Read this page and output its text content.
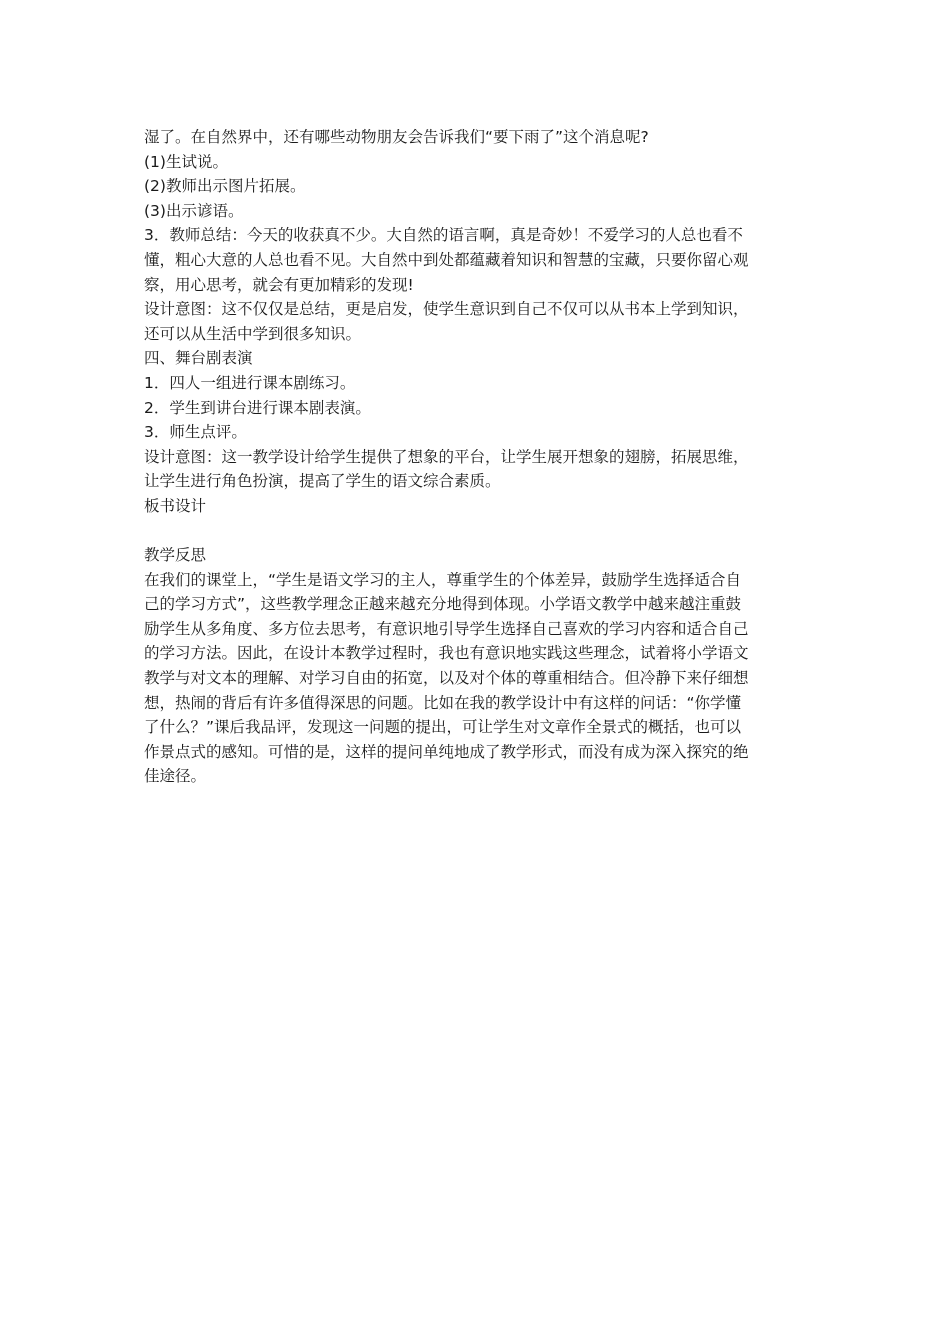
湿了。在自然界中，还有哪些动物朋友会告诉我们“要下雨了”这个消息呢?
(1)生试说。
(2)教师出示图片拓展。
(3)出示谚语。
3．教师总结：今天的收获真不少。大自然的语言啊，真是奇妙！不爱学习的人总也看不
懂，粗心大意的人总也看不见。大自然中到处都蕴藏着知识和智慧的宝藏，只要你留心观
察，用心思考，就会有更加精彩的发现!
设计意图：这不仅仅是总结，更是启发，使学生意识到自己不仅可以从书本上学到知识，
还可以从生活中学到很多知识。
四、舞台剧表演
1．四人一组进行课本剧练习。
2．学生到讲台进行课本剧表演。
3．师生点评。
设计意图：这一教学设计给学生提供了想象的平台，让学生展开想象的翅膀，拓展思维，
让学生进行角色扮演，提高了学生的语文综合素质。
板书设计
教学反思
在我们的课堂上，“学生是语文学习的主人，尊重学生的个体差异，鼓励学生选择适合自
己的学习方式”，这些教学理念正越来越充分地得到体现。小学语文教学中越来越注重鼓
励学生从多角度、多方位去思考，有意识地引导学生选择自己喜欢的学习内容和适合自己
的学习方法。因此，在设计本教学过程时，我也有意识地实践这些理念，试着将小学语文
教学与对文本的理解、对学习自由的拓宽，以及对个体的尊重相结合。但冷静下来仔细想
想，热闹的背后有许多值得深思的问题。比如在我的教学设计中有这样的问话：“你学懂
了什么？”课后我品评，发现这一问题的提出，可让学生对文章作全景式的概括，也可以
作景点式的感知。可惜的是，这样的提问单纯地成了教学形式，而没有成为深入探究的绝
佳途径。
